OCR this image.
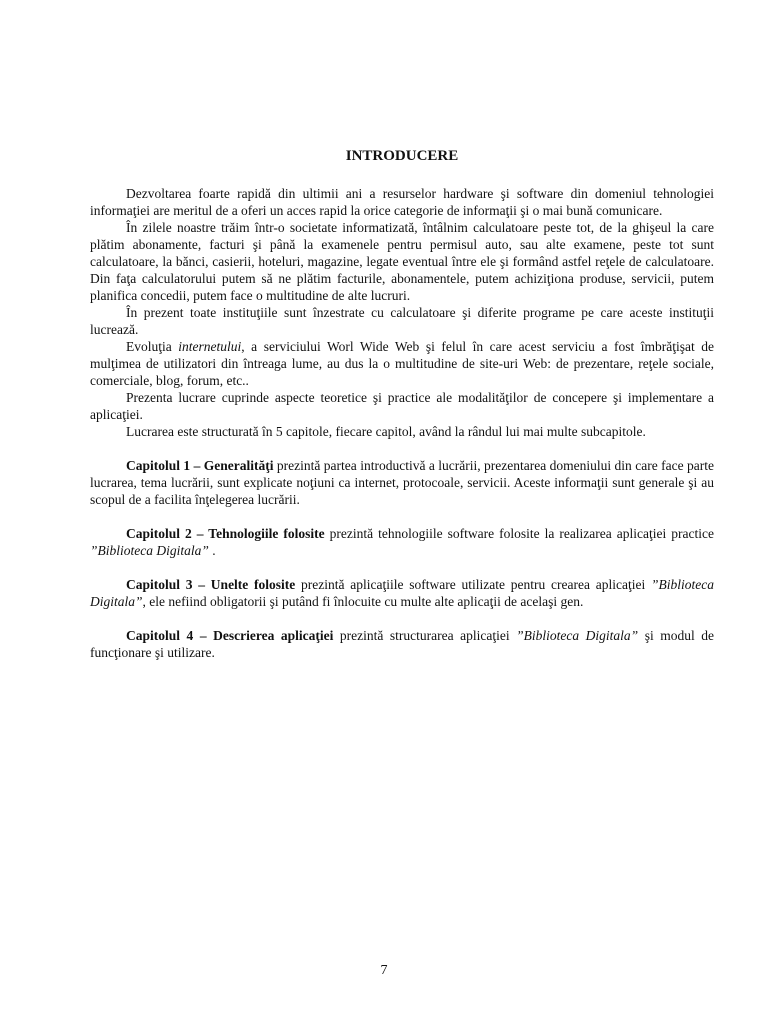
INTRODUCERE

Dezvoltarea foarte rapidă din ultimii ani a resurselor hardware şi software din domeniul tehnologiei informaţiei are meritul de a oferi un acces rapid la orice categorie de informaţii şi o mai bună comunicare.

În zilele noastre trăim într-o societate informatizată, întâlnim calculatoare peste tot, de la ghişeul la care plătim abonamente, facturi şi până la examenele pentru permisul auto, sau alte examene, peste tot sunt calculatoare, la bănci, casierii, hoteluri, magazine, legate eventual între ele şi formând astfel reţele de calculatoare. Din faţa calculatorului putem să ne plătim facturile, abonamentele, putem achiziţiona produse, servicii, putem planifica concedii, putem face o multitudine de alte lucruri.

În prezent toate instituţiile sunt înzestrate cu calculatoare şi diferite programe pe care aceste instituţii lucrează.

Evoluţia internetului, a serviciului Worl Wide Web şi felul în care acest serviciu a fost îmbrăţişat de mulţimea de utilizatori din întreaga lume, au dus la o multitudine de site-uri Web: de prezentare, reţele sociale, comerciale, blog, forum, etc..

Prezenta lucrare cuprinde aspecte teoretice şi practice ale modalităţilor de concepere şi implementare a aplicaţiei.

Lucrarea este structurată în 5 capitole, fiecare capitol, având la rândul lui mai multe subcapitole.

Capitolul 1 – Generalităţi prezintă partea introductivă a lucrării, prezentarea domeniului din care face parte lucrarea, tema lucrării, sunt explicate noţiuni ca internet, protocoale, servicii. Aceste informaţii sunt generale şi au scopul de a facilita înţelegerea lucrării.

Capitolul 2 – Tehnologiile folosite prezintă tehnologiile software folosite la realizarea aplicaţiei practice ”Biblioteca Digitala” .

Capitolul 3 – Unelte folosite prezintă aplicaţiile software utilizate pentru crearea aplicaţiei ”Biblioteca Digitala”, ele nefiind obligatorii şi putând fi înlocuite cu multe alte aplicaţii de acelaşi gen.

Capitolul 4 – Descrierea aplicaţiei prezintă structurarea aplicaţiei ”Biblioteca Digitala” şi modul de funcţionare şi utilizare.

7
